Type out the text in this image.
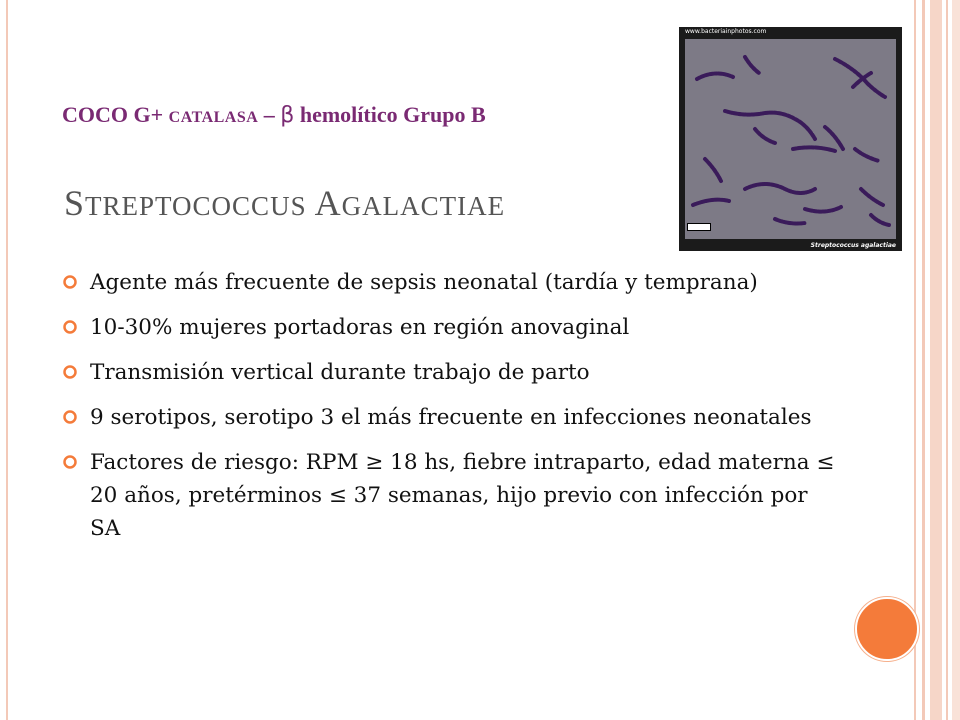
COCO G+ CATALASA – β hemolítico Grupo B
STREPTOCOCCUS AGALACTIAE
Agente más frecuente de sepsis neonatal (tardía y temprana)
10-30% mujeres portadoras en región anovaginal
Transmisión vertical durante trabajo de parto
9 serotipos, serotipo 3 el más frecuente en infecciones neonatales
Factores de riesgo: RPM ≥ 18 hs, fiebre intraparto, edad materna ≤ 20 años, pretérminos ≤ 37 semanas, hijo previo con infección por SA
www.bacteriainphotos.com
Streptococcus agalactiae
